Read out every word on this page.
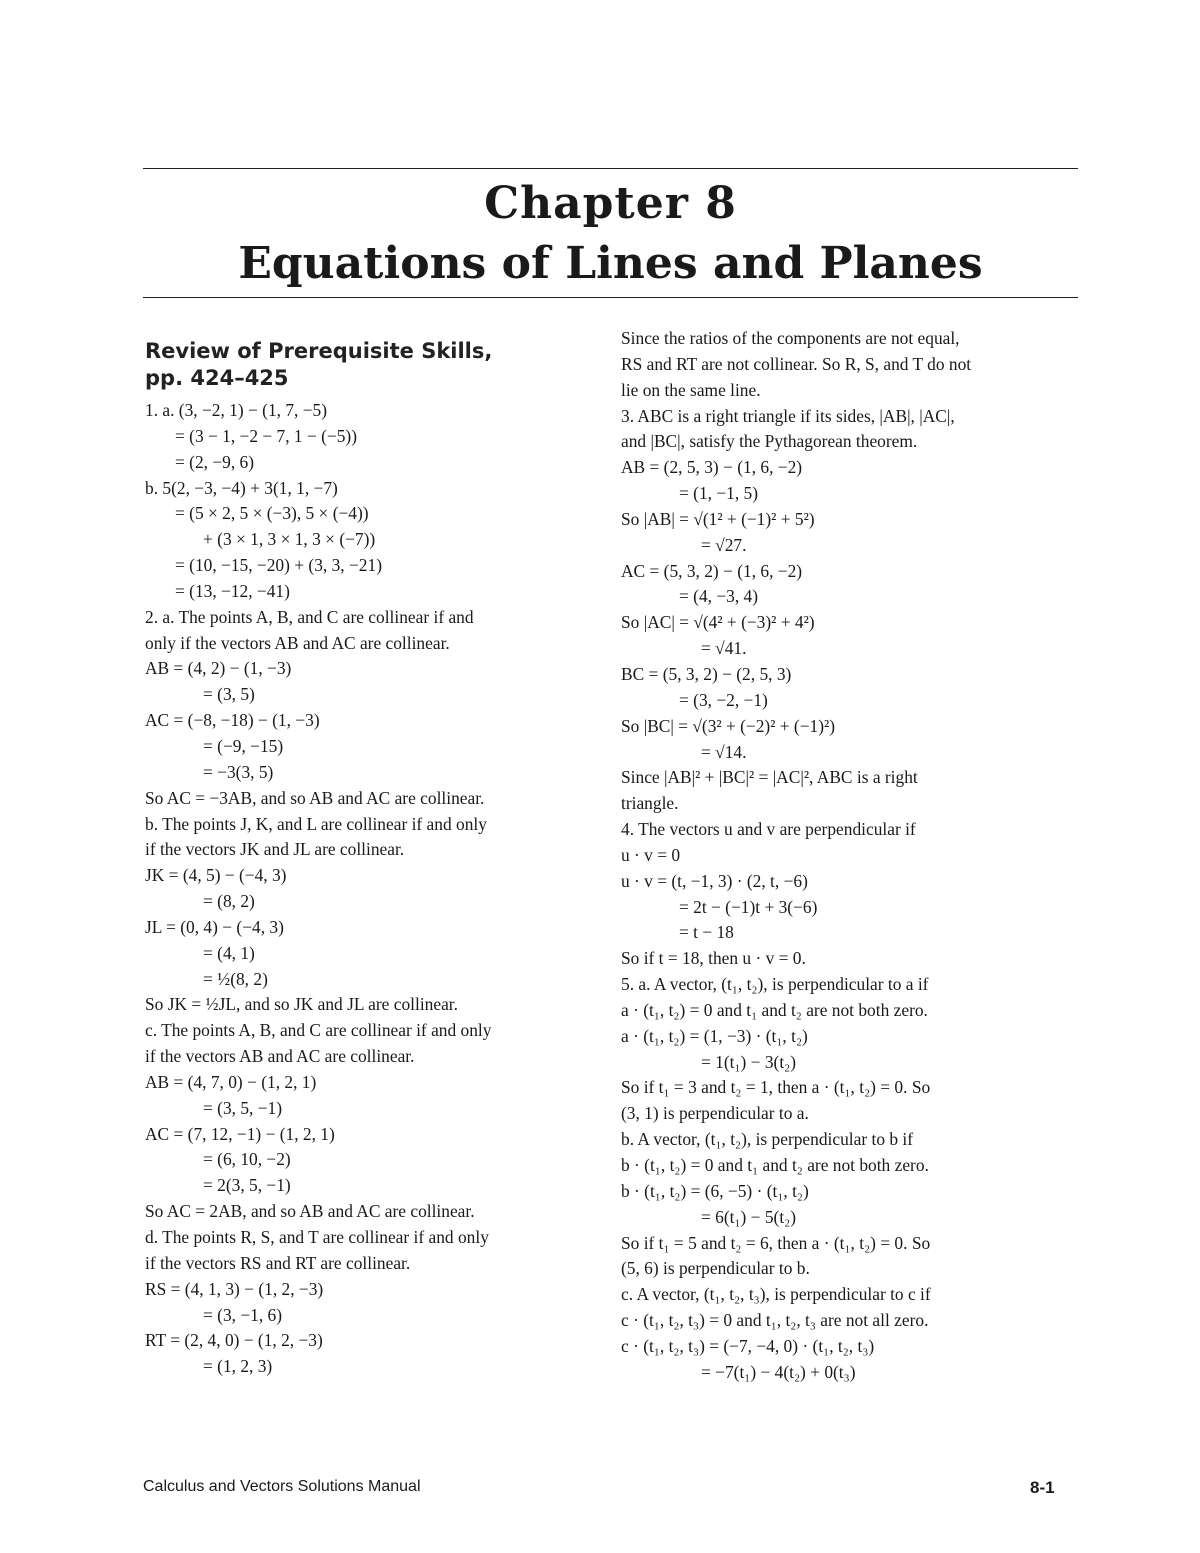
Chapter 8
Equations of Lines and Planes
Review of Prerequisite Skills,
pp. 424–425
1. a. (3, −2, 1) − (1, 7, −5)
= (3 − 1, −2 − 7, 1 − (−5))
= (2, −9, 6)
b. 5(2, −3, −4) + 3(1, 1, −7)
= (5 × 2, 5 × (−3), 5 × (−4))
+ (3 × 1, 3 × 1, 3 × (−7))
= (10, −15, −20) + (3, 3, −21)
= (13, −12, −41)
2. a. The points A, B, and C are collinear if and
only if the vectors AB and AC are collinear.
AB = (4, 2) − (1, −3)
= (3, 5)
AC = (−8, −18) − (1, −3)
= (−9, −15)
= −3(3, 5)
So AC = −3AB, and so AB and AC are collinear.
b. The points J, K, and L are collinear if and only
if the vectors JK and JL are collinear.
JK = (4, 5) − (−4, 3)
= (8, 2)
JL = (0, 4) − (−4, 3)
= (4, 1)
= ½(8, 2)
So JK = ½JL, and so JK and JL are collinear.
c. The points A, B, and C are collinear if and only
if the vectors AB and AC are collinear.
AB = (4, 7, 0) − (1, 2, 1)
= (3, 5, −1)
AC = (7, 12, −1) − (1, 2, 1)
= (6, 10, −2)
= 2(3, 5, −1)
So AC = 2AB, and so AB and AC are collinear.
d. The points R, S, and T are collinear if and only
if the vectors RS and RT are collinear.
RS = (4, 1, 3) − (1, 2, −3)
= (3, −1, 6)
RT = (2, 4, 0) − (1, 2, −3)
= (1, 2, 3)
Since the ratios of the components are not equal,
RS and RT are not collinear. So R, S, and T do not
lie on the same line.
3. ABC is a right triangle if its sides, |AB|, |AC|,
and |BC|, satisfy the Pythagorean theorem.
AB = (2, 5, 3) − (1, 6, −2)
= (1, −1, 5)
So |AB| = √(1² + (−1)² + 5²)
= √27.
AC = (5, 3, 2) − (1, 6, −2)
= (4, −3, 4)
So |AC| = √(4² + (−3)² + 4²)
= √41.
BC = (5, 3, 2) − (2, 5, 3)
= (3, −2, −1)
So |BC| = √(3² + (−2)² + (−1)²)
= √14.
Since |AB|² + |BC|² = |AC|², ABC is a right
triangle.
4. The vectors u and v are perpendicular if
u · v = 0
u · v = (t, −1, 3) · (2, t, −6)
= 2t − (−1)t + 3(−6)
= t − 18
So if t = 18, then u · v = 0.
5. a. A vector, (t₁, t₂), is perpendicular to a if
a · (t₁, t₂) = 0 and t₁ and t₂ are not both zero.
a · (t₁, t₂) = (1, −3) · (t₁, t₂)
= 1(t₁) − 3(t₂)
So if t₁ = 3 and t₂ = 1, then a · (t₁, t₂) = 0. So
(3, 1) is perpendicular to a.
b. A vector, (t₁, t₂), is perpendicular to b if
b · (t₁, t₂) = 0 and t₁ and t₂ are not both zero.
b · (t₁, t₂) = (6, −5) · (t₁, t₂)
= 6(t₁) − 5(t₂)
So if t₁ = 5 and t₂ = 6, then a · (t₁, t₂) = 0. So
(5, 6) is perpendicular to b.
c. A vector, (t₁, t₂, t₃), is perpendicular to c if
c · (t₁, t₂, t₃) = 0 and t₁, t₂, t₃ are not all zero.
c · (t₁, t₂, t₃) = (−7, −4, 0) · (t₁, t₂, t₃)
= −7(t₁) − 4(t₂) + 0(t₃)
Calculus and Vectors Solutions Manual	8-1
